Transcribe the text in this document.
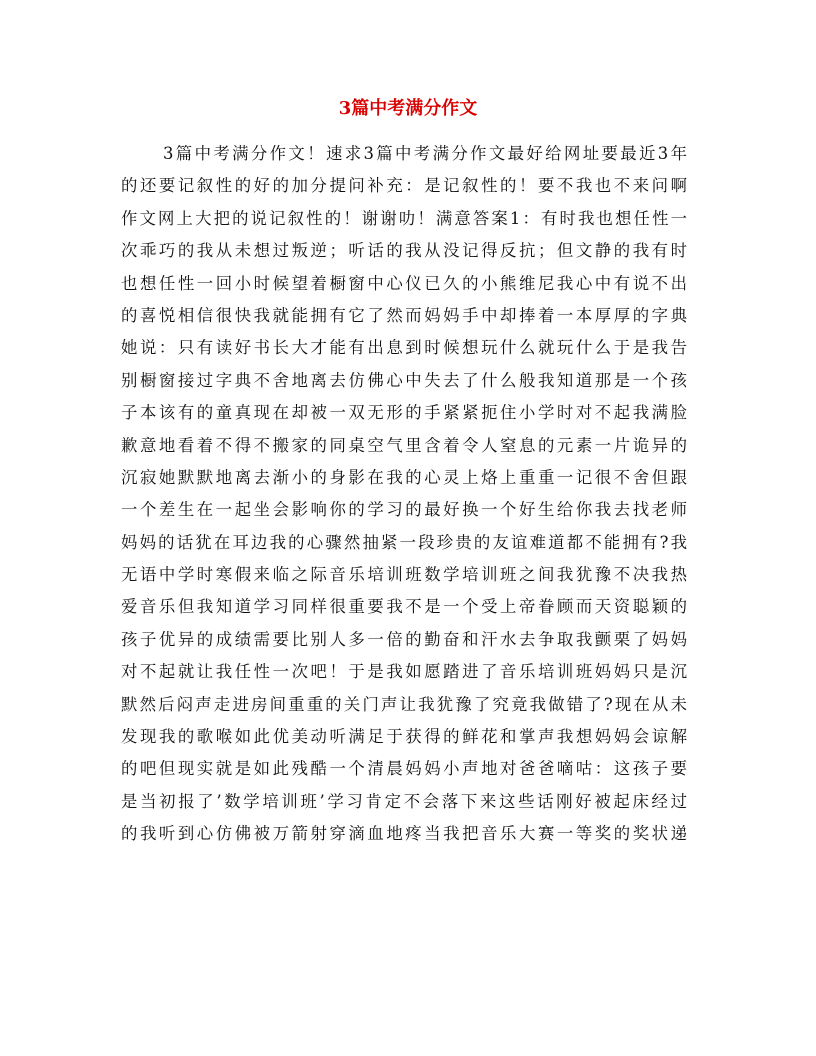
3篇中考满分作文
3篇中考满分作文！速求3篇中考满分作文最好给网址要最近3年
的还要记叙性的好的加分提问补充：是记叙性的！要不我也不来问啊
作文网上大把的说记叙性的！谢谢叻！满意答案1：有时我也想任性一
次乖巧的我从未想过叛逆；听话的我从没记得反抗；但文静的我有时
也想任性一回小时候望着橱窗中心仪已久的小熊维尼我心中有说不出
的喜悦相信很快我就能拥有它了然而妈妈手中却捧着一本厚厚的字典
她说：只有读好书长大才能有出息到时候想玩什么就玩什么于是我告
别橱窗接过字典不舍地离去仿佛心中失去了什么般我知道那是一个孩
子本该有的童真现在却被一双无形的手紧紧扼住小学时对不起我满脸
歉意地看着不得不搬家的同桌空气里含着令人窒息的元素一片诡异的
沉寂她默默地离去渐小的身影在我的心灵上烙上重重一记很不舍但跟
一个差生在一起坐会影响你的学习的最好换一个好生给你我去找老师
妈妈的话犹在耳边我的心骤然抽紧一段珍贵的友谊难道都不能拥有?我
无语中学时寒假来临之际音乐培训班数学培训班之间我犹豫不决我热
爱音乐但我知道学习同样很重要我不是一个受上帝眷顾而天资聪颖的
孩子优异的成绩需要比别人多一倍的勤奋和汗水去争取我颤栗了妈妈
对不起就让我任性一次吧！于是我如愿踏进了音乐培训班妈妈只是沉
默然后闷声走进房间重重的关门声让我犹豫了究竟我做错了?现在从未
发现我的歌喉如此优美动听满足于获得的鲜花和掌声我想妈妈会谅解
的吧但现实就是如此残酷一个清晨妈妈小声地对爸爸嘀咕：这孩子要
是当初报了’数学培训班’学习肯定不会落下来这些话刚好被起床经过
的我听到心仿佛被万箭射穿滴血地疼当我把音乐大赛一等奖的奖状递
